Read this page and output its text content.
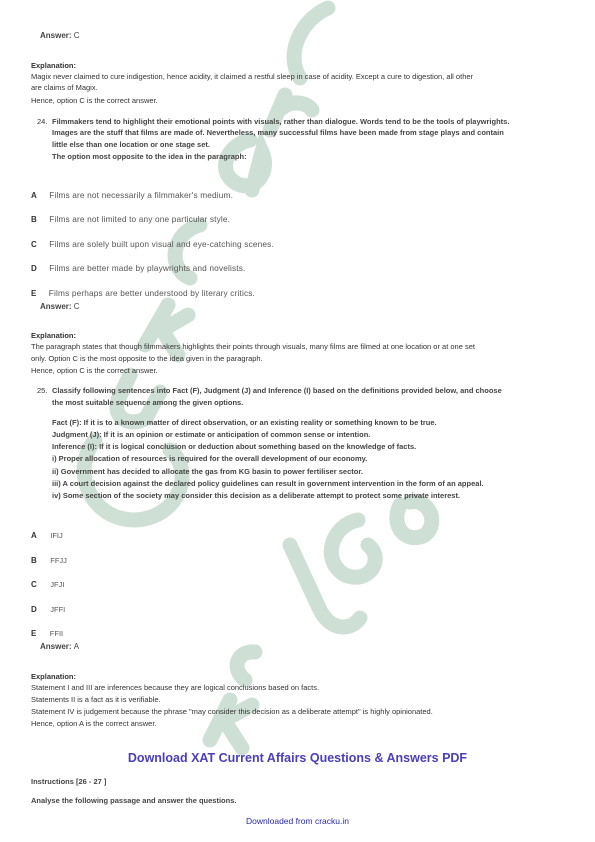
Answer: C
Explanation:
Magix never claimed to cure indigestion, hence acidity, it claimed a restful sleep in case of acidity. Except a cure to digestion, all other
are claims of Magix.
Hence, option C is the correct answer.
24. Filmmakers tend to highlight their emotional points with visuals, rather than dialogue. Words tend to be the tools of playwrights.
Images are the stuff that films are made of. Nevertheless, many successful films have been made from stage plays and contain
little else than one location or one stage set.
The option most opposite to the idea in the paragraph:
A Films are not necessarily a filmmaker's medium.
B Films are not limited to any one particular style.
C Films are solely built upon visual and eye-catching scenes.
D Films are better made by playwrights and novelists.
E Films perhaps are better understood by literary critics.
Answer: C
Explanation:
The paragraph states that though filmmakers highlights their points through visuals, many films are filmed at one location or at one set
only. Option C is the most opposite to the idea given in the paragraph.
Hence, option C is the correct answer.
25. Classify following sentences into Fact (F), Judgment (J) and Inference (I) based on the definitions provided below, and choose
the most suitable sequence among the given options.
Fact (F): If it is to a known matter of direct observation, or an existing reality or something known to be true.
Judgment (J): If it is an opinion or estimate or anticipation of common sense or intention.
Inference (I): If it is logical conclusion or deduction about something based on the knowledge of facts.
i) Proper allocation of resources is required for the overall development of our economy.
ii) Government has decided to allocate the gas from KG basin to power fertiliser sector.
iii) A court decision against the declared policy guidelines can result in government intervention in the form of an appeal.
iv) Some section of the society may consider this decision as a deliberate attempt to protect some private interest.
A IFIJ
B FFJJ
C JFJI
D JFFI
E FFII
Answer: A
Explanation:
Statement I and III are inferences because they are logical conclusions based on facts.
Statements II is a fact as it is verifiable.
Statement IV is judgement because the phrase "may consider this decision as a deliberate attempt" is highly opinionated.
Hence, option A is the correct answer.
Download XAT Current Affairs Questions & Answers PDF
Instructions [26 - 27 ]
Analyse the following passage and answer the questions.
Downloaded from cracku.in
